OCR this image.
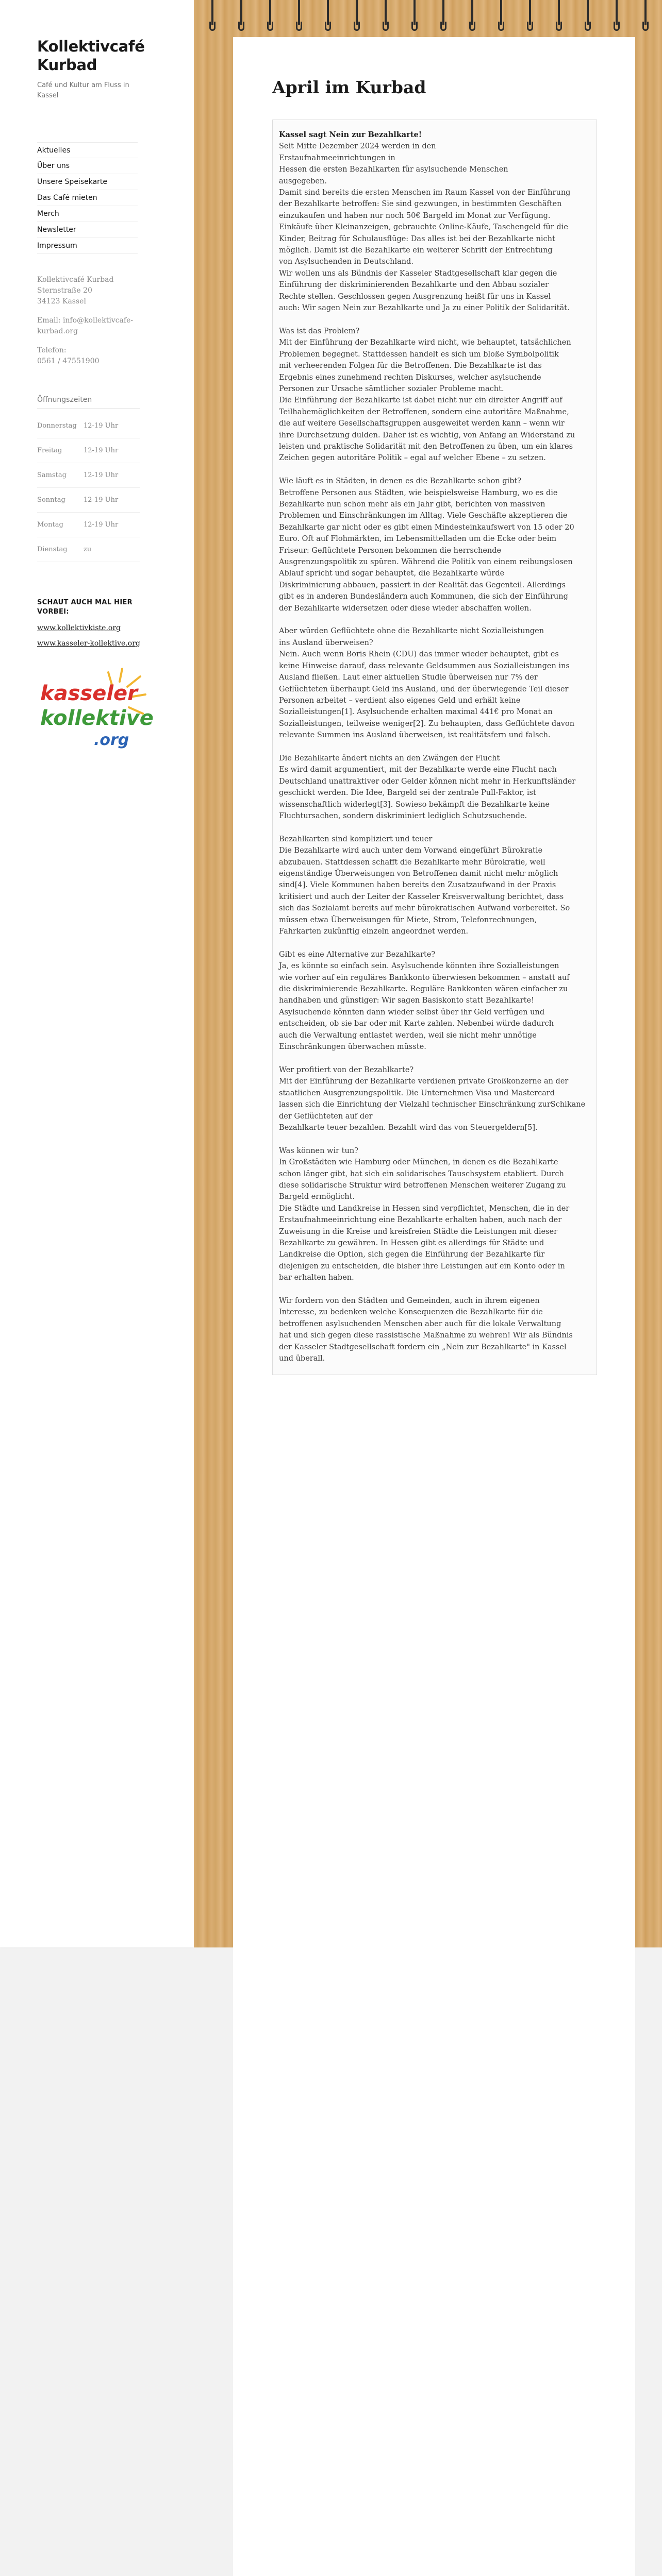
Kollektivcafé Kurbad
Café und Kultur am Fluss in Kassel
Aktuelles
Über uns
Unsere Speisekarte
Das Café mieten
Merch
Newsletter
Impressum
Kollektivcafé Kurbad
Sternstraße 20
34123 Kassel
Email: info@kollektivcafe-kurbad.org
Telefon:
0561 / 47551900
Öffnungszeiten
Donnerstag	12-19 Uhr
Freitag	12-19 Uhr
Samstag	12-19 Uhr
Sonntag	12-19 Uhr
Montag	12-19 Uhr
Dienstag	zu
SCHAUT AUCH MAL HIER VORBEI:
www.kollektivkiste.org
www.kasseler-kollektive.org
kasseler
kollektive
.org
April im Kurbad
Kassel sagt Nein zur Bezahlkarte!
Seit Mitte Dezember 2024 werden in den
Erstaufnahmeeinrichtungen in
Hessen die ersten Bezahlkarten für asylsuchende Menschen
ausgegeben.
Damit sind bereits die ersten Menschen im Raum Kassel von der Einführung
der Bezahlkarte betroffen: Sie sind gezwungen, in bestimmten Geschäften
einzukaufen und haben nur noch 50€ Bargeld im Monat zur Verfügung.
Einkäufe über Kleinanzeigen, gebrauchte Online-Käufe, Taschengeld für die
Kinder, Beitrag für Schulausflüge: Das alles ist bei der Bezahlkarte nicht
möglich. Damit ist die Bezahlkarte ein weiterer Schritt der Entrechtung
von Asylsuchenden in Deutschland.
Wir wollen uns als Bündnis der Kasseler Stadtgesellschaft klar gegen die
Einführung der diskriminierenden Bezahlkarte und den Abbau sozialer
Rechte stellen. Geschlossen gegen Ausgrenzung heißt für uns in Kassel
auch: Wir sagen Nein zur Bezahlkarte und Ja zu einer Politik der Solidarität.

Was ist das Problem?
Mit der Einführung der Bezahlkarte wird nicht, wie behauptet, tatsächlichen
Problemen begegnet. Stattdessen handelt es sich um bloße Symbolpolitik
mit verheerenden Folgen für die Betroffenen. Die Bezahlkarte ist das
Ergebnis eines zunehmend rechten Diskurses, welcher asylsuchende
Personen zur Ursache sämtlicher sozialer Probleme macht.
Die Einführung der Bezahlkarte ist dabei nicht nur ein direkter Angriff auf
Teilhabemöglichkeiten der Betroffenen, sondern eine autoritäre Maßnahme,
die auf weitere Gesellschaftsgruppen ausgeweitet werden kann – wenn wir
ihre Durchsetzung dulden. Daher ist es wichtig, von Anfang an Widerstand zu
leisten und praktische Solidarität mit den Betroffenen zu üben, um ein klares
Zeichen gegen autoritäre Politik – egal auf welcher Ebene – zu setzen.

Wie läuft es in Städten, in denen es die Bezahlkarte schon gibt?
Betroffene Personen aus Städten, wie beispielsweise Hamburg, wo es die
Bezahlkarte nun schon mehr als ein Jahr gibt, berichten von massiven
Problemen und Einschränkungen im Alltag. Viele Geschäfte akzeptieren die
Bezahlkarte gar nicht oder es gibt einen Mindesteinkaufswert von 15 oder 20
Euro. Oft auf Flohmärkten, im Lebensmittelladen um die Ecke oder beim
Friseur: Geflüchtete Personen bekommen die herrschende
Ausgrenzungspolitik zu spüren. Während die Politik von einem reibungslosen
Ablauf spricht und sogar behauptet, die Bezahlkarte würde
Diskriminierung abbauen, passiert in der Realität das Gegenteil. Allerdings
gibt es in anderen Bundesländern auch Kommunen, die sich der Einführung
der Bezahlkarte widersetzen oder diese wieder abschaffen wollen.

Aber würden Geflüchtete ohne die Bezahlkarte nicht Sozialleistungen
ins Ausland überweisen?
Nein. Auch wenn Boris Rhein (CDU) das immer wieder behauptet, gibt es
keine Hinweise darauf, dass relevante Geldsummen aus Sozialleistungen ins
Ausland fließen. Laut einer aktuellen Studie überweisen nur 7% der
Geflüchteten überhaupt Geld ins Ausland, und der überwiegende Teil dieser
Personen arbeitet – verdient also eigenes Geld und erhält keine
Sozialleistungen[1]. Asylsuchende erhalten maximal 441€ pro Monat an
Sozialleistungen, teilweise weniger[2]. Zu behaupten, dass Geflüchtete davon
relevante Summen ins Ausland überweisen, ist realitätsfern und falsch.

Die Bezahlkarte ändert nichts an den Zwängen der Flucht
Es wird damit argumentiert, mit der Bezahlkarte werde eine Flucht nach
Deutschland unattraktiver oder Gelder können nicht mehr in Herkunftsländer
geschickt werden. Die Idee, Bargeld sei der zentrale Pull-Faktor, ist
wissenschaftlich widerlegt[3]. Sowieso bekämpft die Bezahlkarte keine
Fluchtursachen, sondern diskriminiert lediglich Schutzsuchende.

Bezahlkarten sind kompliziert und teuer
Die Bezahlkarte wird auch unter dem Vorwand eingeführt Bürokratie
abzubauen. Stattdessen schafft die Bezahlkarte mehr Bürokratie, weil
eigenständige Überweisungen von Betroffenen damit nicht mehr möglich
sind[4]. Viele Kommunen haben bereits den Zusatzaufwand in der Praxis
kritisiert und auch der Leiter der Kasseler Kreisverwaltung berichtet, dass
sich das Sozialamt bereits auf mehr bürokratischen Aufwand vorbereitet. So
müssen etwa Überweisungen für Miete, Strom, Telefonrechnungen,
Fahrkarten zukünftig einzeln angeordnet werden.

Gibt es eine Alternative zur Bezahlkarte?
Ja, es könnte so einfach sein. Asylsuchende könnten ihre Sozialleistungen
wie vorher auf ein reguläres Bankkonto überwiesen bekommen – anstatt auf
die diskriminierende Bezahlkarte. Reguläre Bankkonten wären einfacher zu
handhaben und günstiger: Wir sagen Basiskonto statt Bezahlkarte!
Asylsuchende könnten dann wieder selbst über ihr Geld verfügen und
entscheiden, ob sie bar oder mit Karte zahlen. Nebenbei würde dadurch
auch die Verwaltung entlastet werden, weil sie nicht mehr unnötige
Einschränkungen überwachen müsste.

Wer profitiert von der Bezahlkarte?
Mit der Einführung der Bezahlkarte verdienen private Großkonzerne an der
staatlichen Ausgrenzungspolitik. Die Unternehmen Visa und Mastercard
lassen sich die Einrichtung der Vielzahl technischer Einschränkung zurSchikane der Geflüchteten auf der
Bezahlkarte teuer bezahlen. Bezahlt wird das von Steuergeldern[5].

Was können wir tun?
In Großstädten wie Hamburg oder München, in denen es die Bezahlkarte
schon länger gibt, hat sich ein solidarisches Tauschsystem etabliert. Durch
diese solidarische Struktur wird betroffenen Menschen weiterer Zugang zu
Bargeld ermöglicht.
Die Städte und Landkreise in Hessen sind verpflichtet, Menschen, die in der
Erstaufnahmeeinrichtung eine Bezahlkarte erhalten haben, auch nach der
Zuweisung in die Kreise und kreisfreien Städte die Leistungen mit dieser
Bezahlkarte zu gewähren. In Hessen gibt es allerdings für Städte und
Landkreise die Option, sich gegen die Einführung der Bezahlkarte für
diejenigen zu entscheiden, die bisher ihre Leistungen auf ein Konto oder in
bar erhalten haben.

Wir fordern von den Städten und Gemeinden, auch in ihrem eigenen
Interesse, zu bedenken welche Konsequenzen die Bezahlkarte für die
betroffenen asylsuchenden Menschen aber auch für die lokale Verwaltung
hat und sich gegen diese rassistische Maßnahme zu wehren! Wir als Bündnis
der Kasseler Stadtgesellschaft fordern ein „Nein zur Bezahlkarte" in Kassel
und überall.
